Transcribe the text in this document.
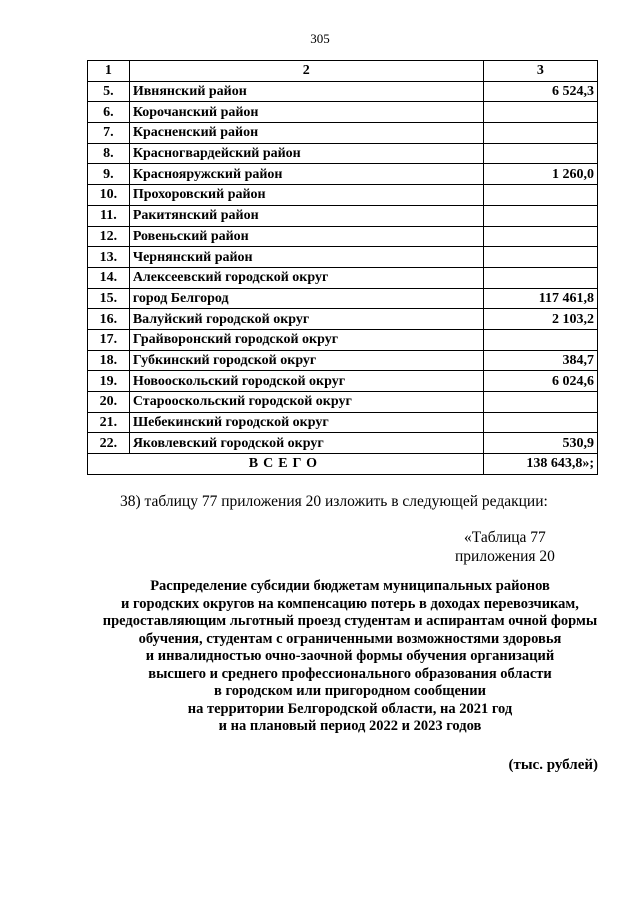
305
1	2	3
5.	Ивнянский район	6 524,3
6.	Корочанский район	
7.	Красненский район	
8.	Красногвардейский район	
9.	Краснояружский район	1 260,0
10.	Прохоровский район	
11.	Ракитянский район	
12.	Ровеньский район	
13.	Чернянский район	
14.	Алексеевский городской округ	
15.	город Белгород	117 461,8
16.	Валуйский городской округ	2 103,2
17.	Грайворонский городской округ	
18.	Губкинский городской округ	384,7
19.	Новооскольский городской округ	6 024,6
20.	Старооскольский городской округ	
21.	Шебекинский городской округ	
22.	Яковлевский городской округ	530,9
ВСЕГО		138 643,8»;
38) таблицу 77 приложения 20 изложить в следующей редакции:
«Таблица 77
приложения 20
Распределение субсидии бюджетам муниципальных районов
и городских округов на компенсацию потерь в доходах перевозчикам,
предоставляющим льготный проезд студентам и аспирантам очной формы
обучения, студентам с ограниченными возможностями здоровья
и инвалидностью очно-заочной формы обучения организаций
высшего и среднего профессионального образования области
в городском или пригородном сообщении
на территории Белгородской области, на 2021 год
и на плановый период 2022 и 2023 годов
(тыс. рублей)
